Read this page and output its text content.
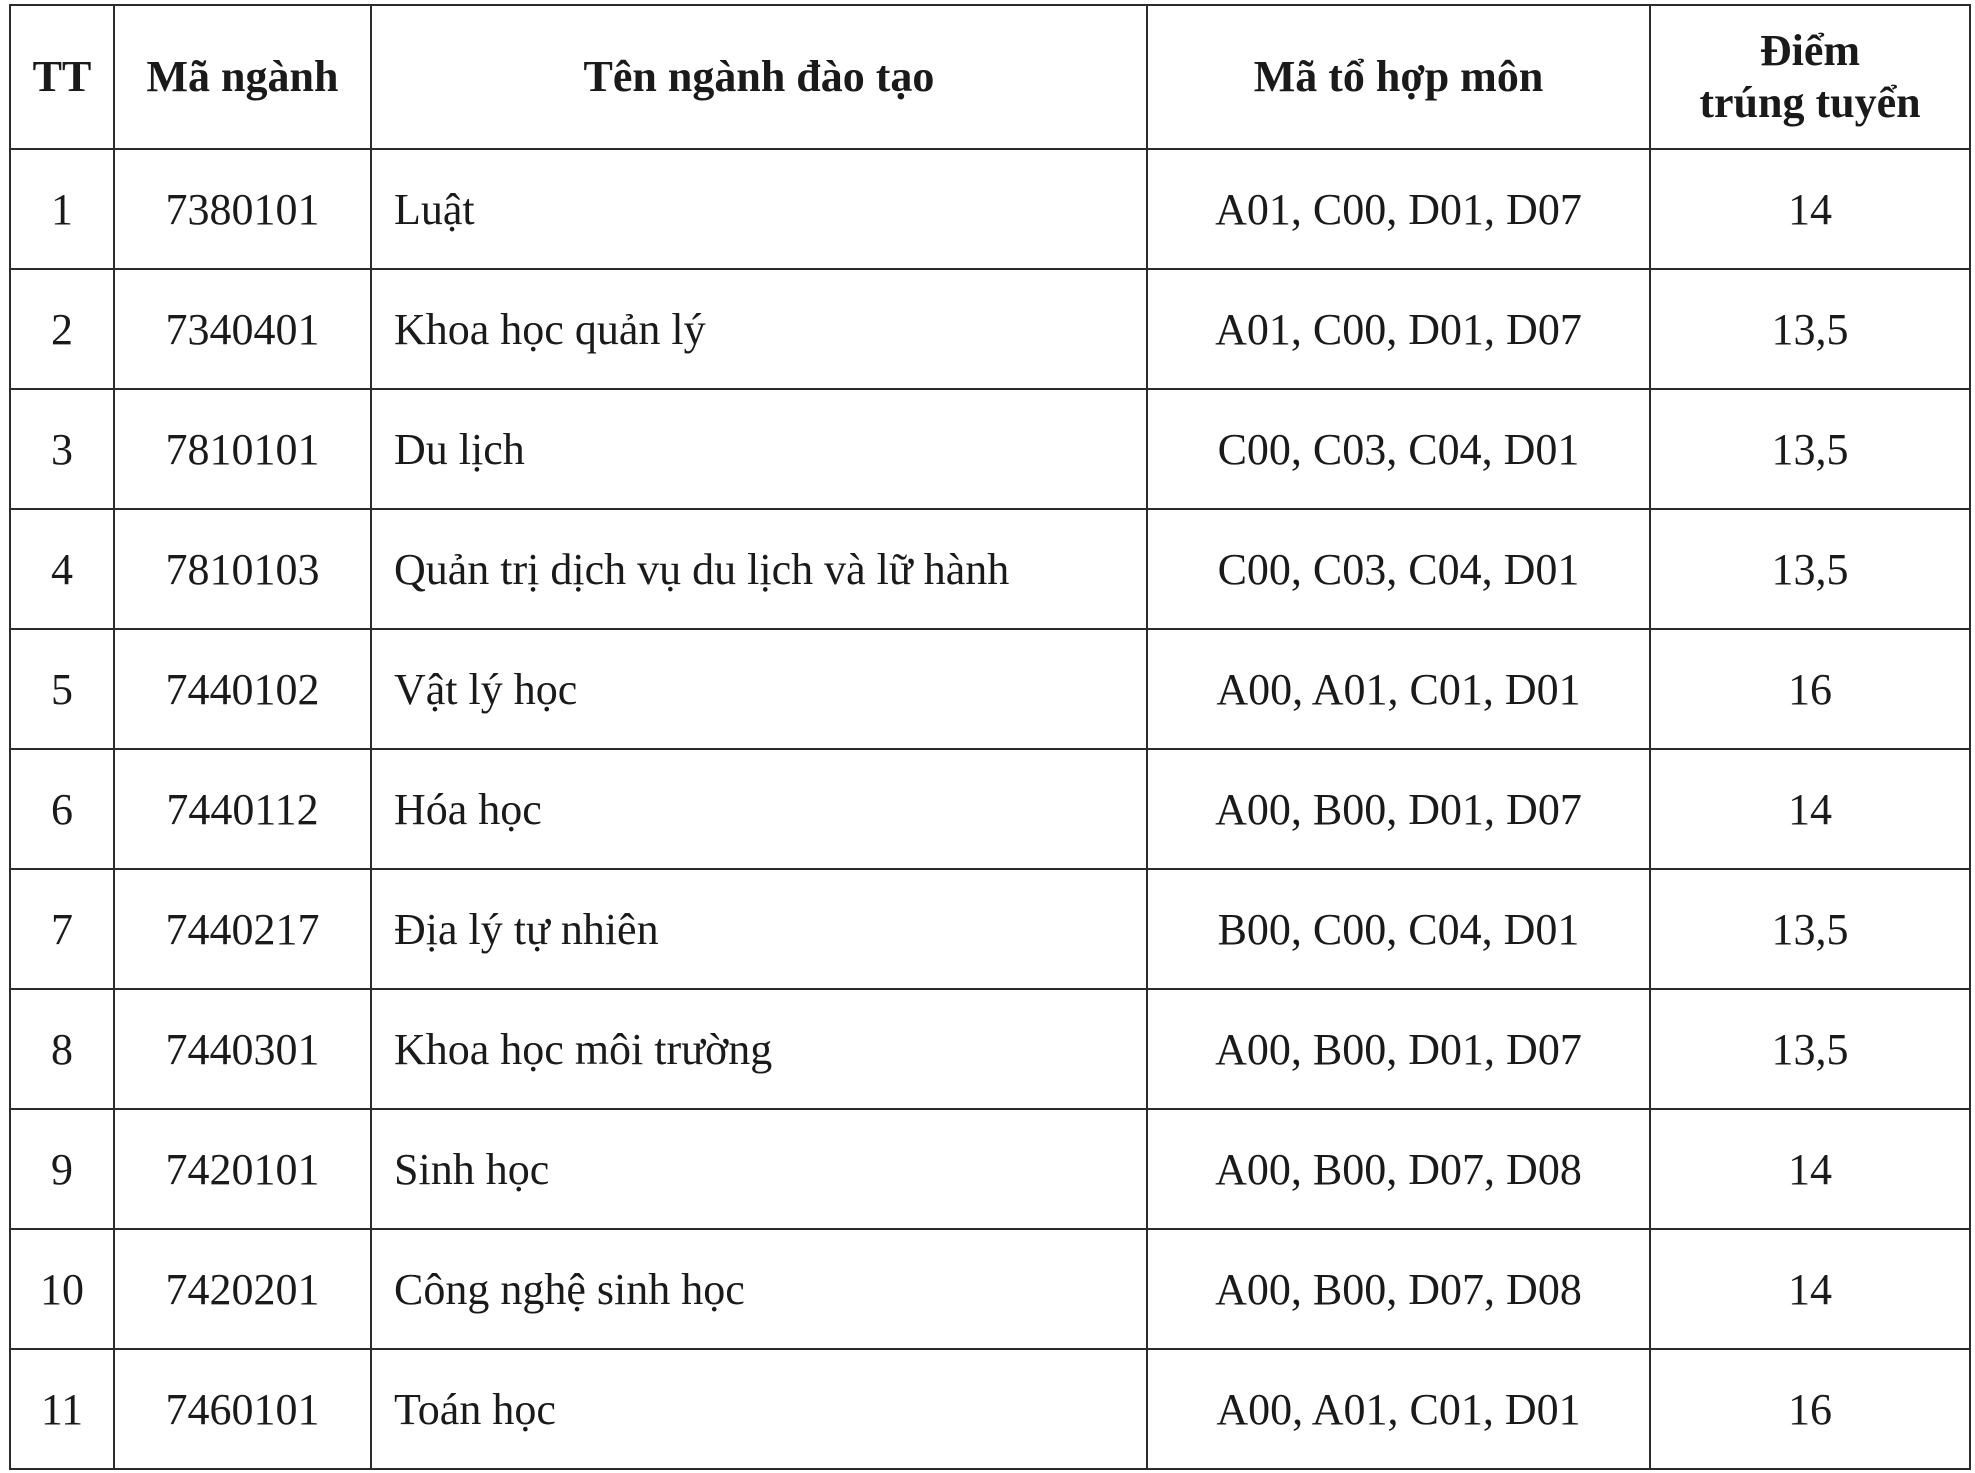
TT	Mã ngành	Tên ngành đào tạo	Mã tổ hợp môn	Điểm
trúng tuyển

1	7380101	Luật	A01, C00, D01, D07	14
2	7340401	Khoa học quản lý	A01, C00, D01, D07	13,5
3	7810101	Du lịch	C00, C03, C04, D01	13,5
4	7810103	Quản trị dịch vụ du lịch và lữ hành	C00, C03, C04, D01	13,5
5	7440102	Vật lý học	A00, A01, C01, D01	16
6	7440112	Hóa học	A00, B00, D01, D07	14
7	7440217	Địa lý tự nhiên	B00, C00, C04, D01	13,5
8	7440301	Khoa học môi trường	A00, B00, D01, D07	13,5
9	7420101	Sinh học	A00, B00, D07, D08	14
10	7420201	Công nghệ sinh học	A00, B00, D07, D08	14
11	7460101	Toán học	A00, A01, C01, D01	16
